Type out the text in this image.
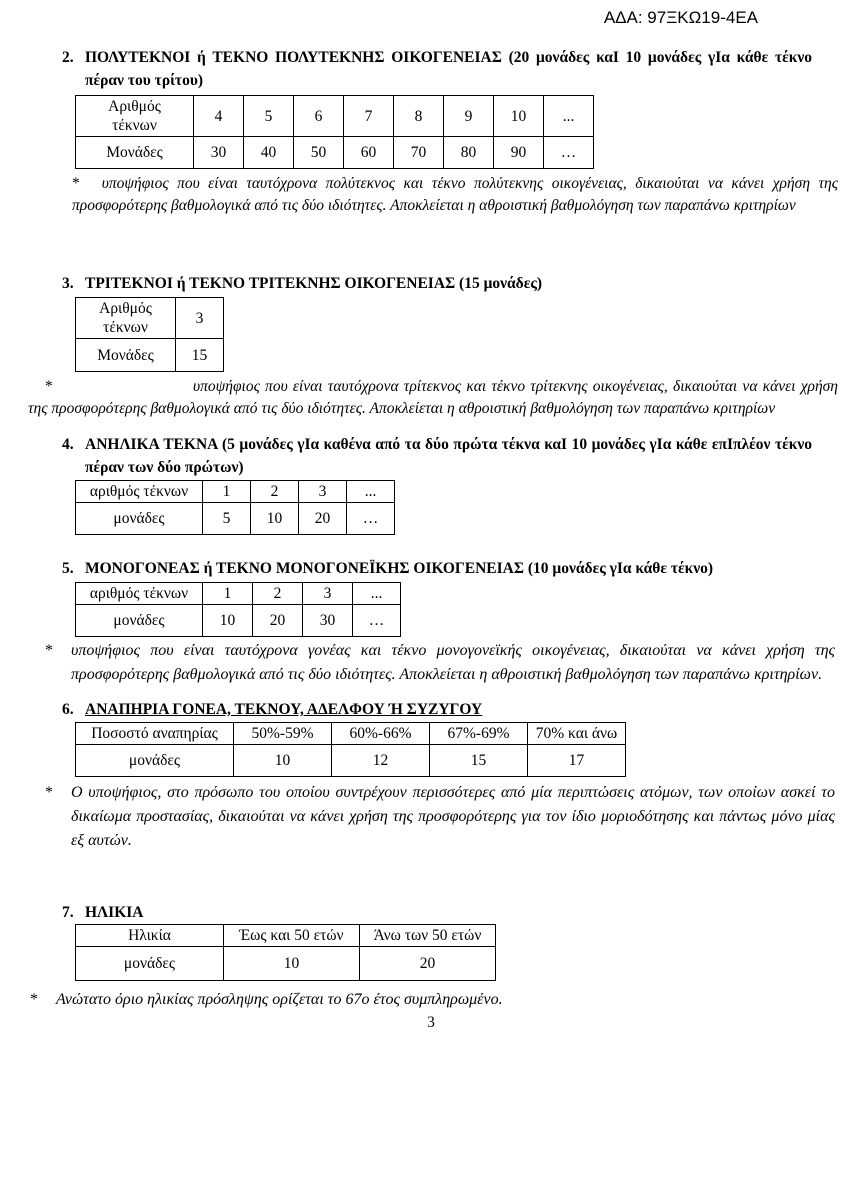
ΑΔΑ: 97ΞΚΩ19-4ΕΑ
2. ΠΟΛΥΤΕΚΝΟΙ ή ΤΕΚΝΟ ΠΟΛΥΤΕΚΝΗΣ ΟΙΚΟΓΕΝΕΙΑΣ (20 μονάδες καΙ 10 μονάδες γΙα κάθε τέκνο πέραν του τρίτου)
Αριθμός τέκνων	4	5	6	7	8	9	10	...
Μονάδες	30	40	50	60	70	80	90	…

* υποψήφιος που είναι ταυτόχρονα πολύτεκνος και τέκνο πολύτεκνης οικογένειας, δικαιούται να κάνει χρήση της προσφορότερης βαθμολογικά από τις δύο ιδιότητες. Αποκλείεται η αθροιστική βαθμολόγηση των παραπάνω κριτηρίων

3. ΤΡΙΤΕΚΝΟΙ ή ΤΕΚΝΟ ΤΡΙΤΕΚΝΗΣ ΟΙΚΟΓΕΝΕΙΑΣ (15 μονάδες)
Αριθμός τέκνων	3
Μονάδες	15

*	υποψήφιος που είναι ταυτόχρονα τρίτεκνος και τέκνο τρίτεκνης οικογένειας, δικαιούται να κάνει χρήση της προσφορότερης βαθμολογικά από τις δύο ιδιότητες. Αποκλείεται η αθροιστική βαθμολόγηση των παραπάνω κριτηρίων

4. ΑΝΗΛΙΚΑ ΤΕΚΝΑ (5 μονάδες γΙα καθένα από τα δύο πρώτα τέκνα καΙ 10 μονάδες γΙα κάθε επΙπλέον τέκνο πέραν των δύο πρώτων)
αριθμός τέκνων	1	2	3	...
μονάδες	5	10	20	…
5. ΜΟΝΟΓΟΝΕΑΣ ή ΤΕΚΝΟ ΜΟΝΟΓΟΝΕΪΚΗΣ ΟΙΚΟΓΕΝΕΙΑΣ (10 μονάδες γΙα κάθε τέκνο)
αριθμός τέκνων	1	2	3	...
μονάδες	10	20	30	…

* υποψήφιος που είναι ταυτόχρονα γονέας και τέκνο μονογονεϊκής οικογένειας, δικαιούται να κάνει χρήση της προσφορότερης βαθμολογικά από τις δύο ιδιότητες. Αποκλείεται η αθροιστική βαθμολόγηση των παραπάνω κριτηρίων.

6. ΑΝΑΠΗΡΙΑ ΓΟΝΕΑ, ΤΕΚΝΟΥ, ΑΔΕΛΦΟΥ Ή ΣΥΖΥΓΟΥ
Ποσοστό αναπηρίας	50%-59%	60%-66%	67%-69%	70% και άνω
μονάδες	10	12	15	17

* Ο υποψήφιος, στο πρόσωπο του οποίου συντρέχουν περισσότερες από μία περιπτώσεις ατόμων, των οποίων ασκεί το δικαίωμα προστασίας, δικαιούται να κάνει χρήση της προσφορότερης για τον ίδιο μοριοδότησης και πάντως μόνο μίας εξ αυτών.

7. ΗΛΙΚΙΑ
Ηλικία	Έως και 50 ετών	Άνω των 50 ετών
μονάδες	10	20

* Ανώτατο όριο ηλικίας πρόσληψης ορίζεται το 67ο έτος συμπληρωμένο.

3
